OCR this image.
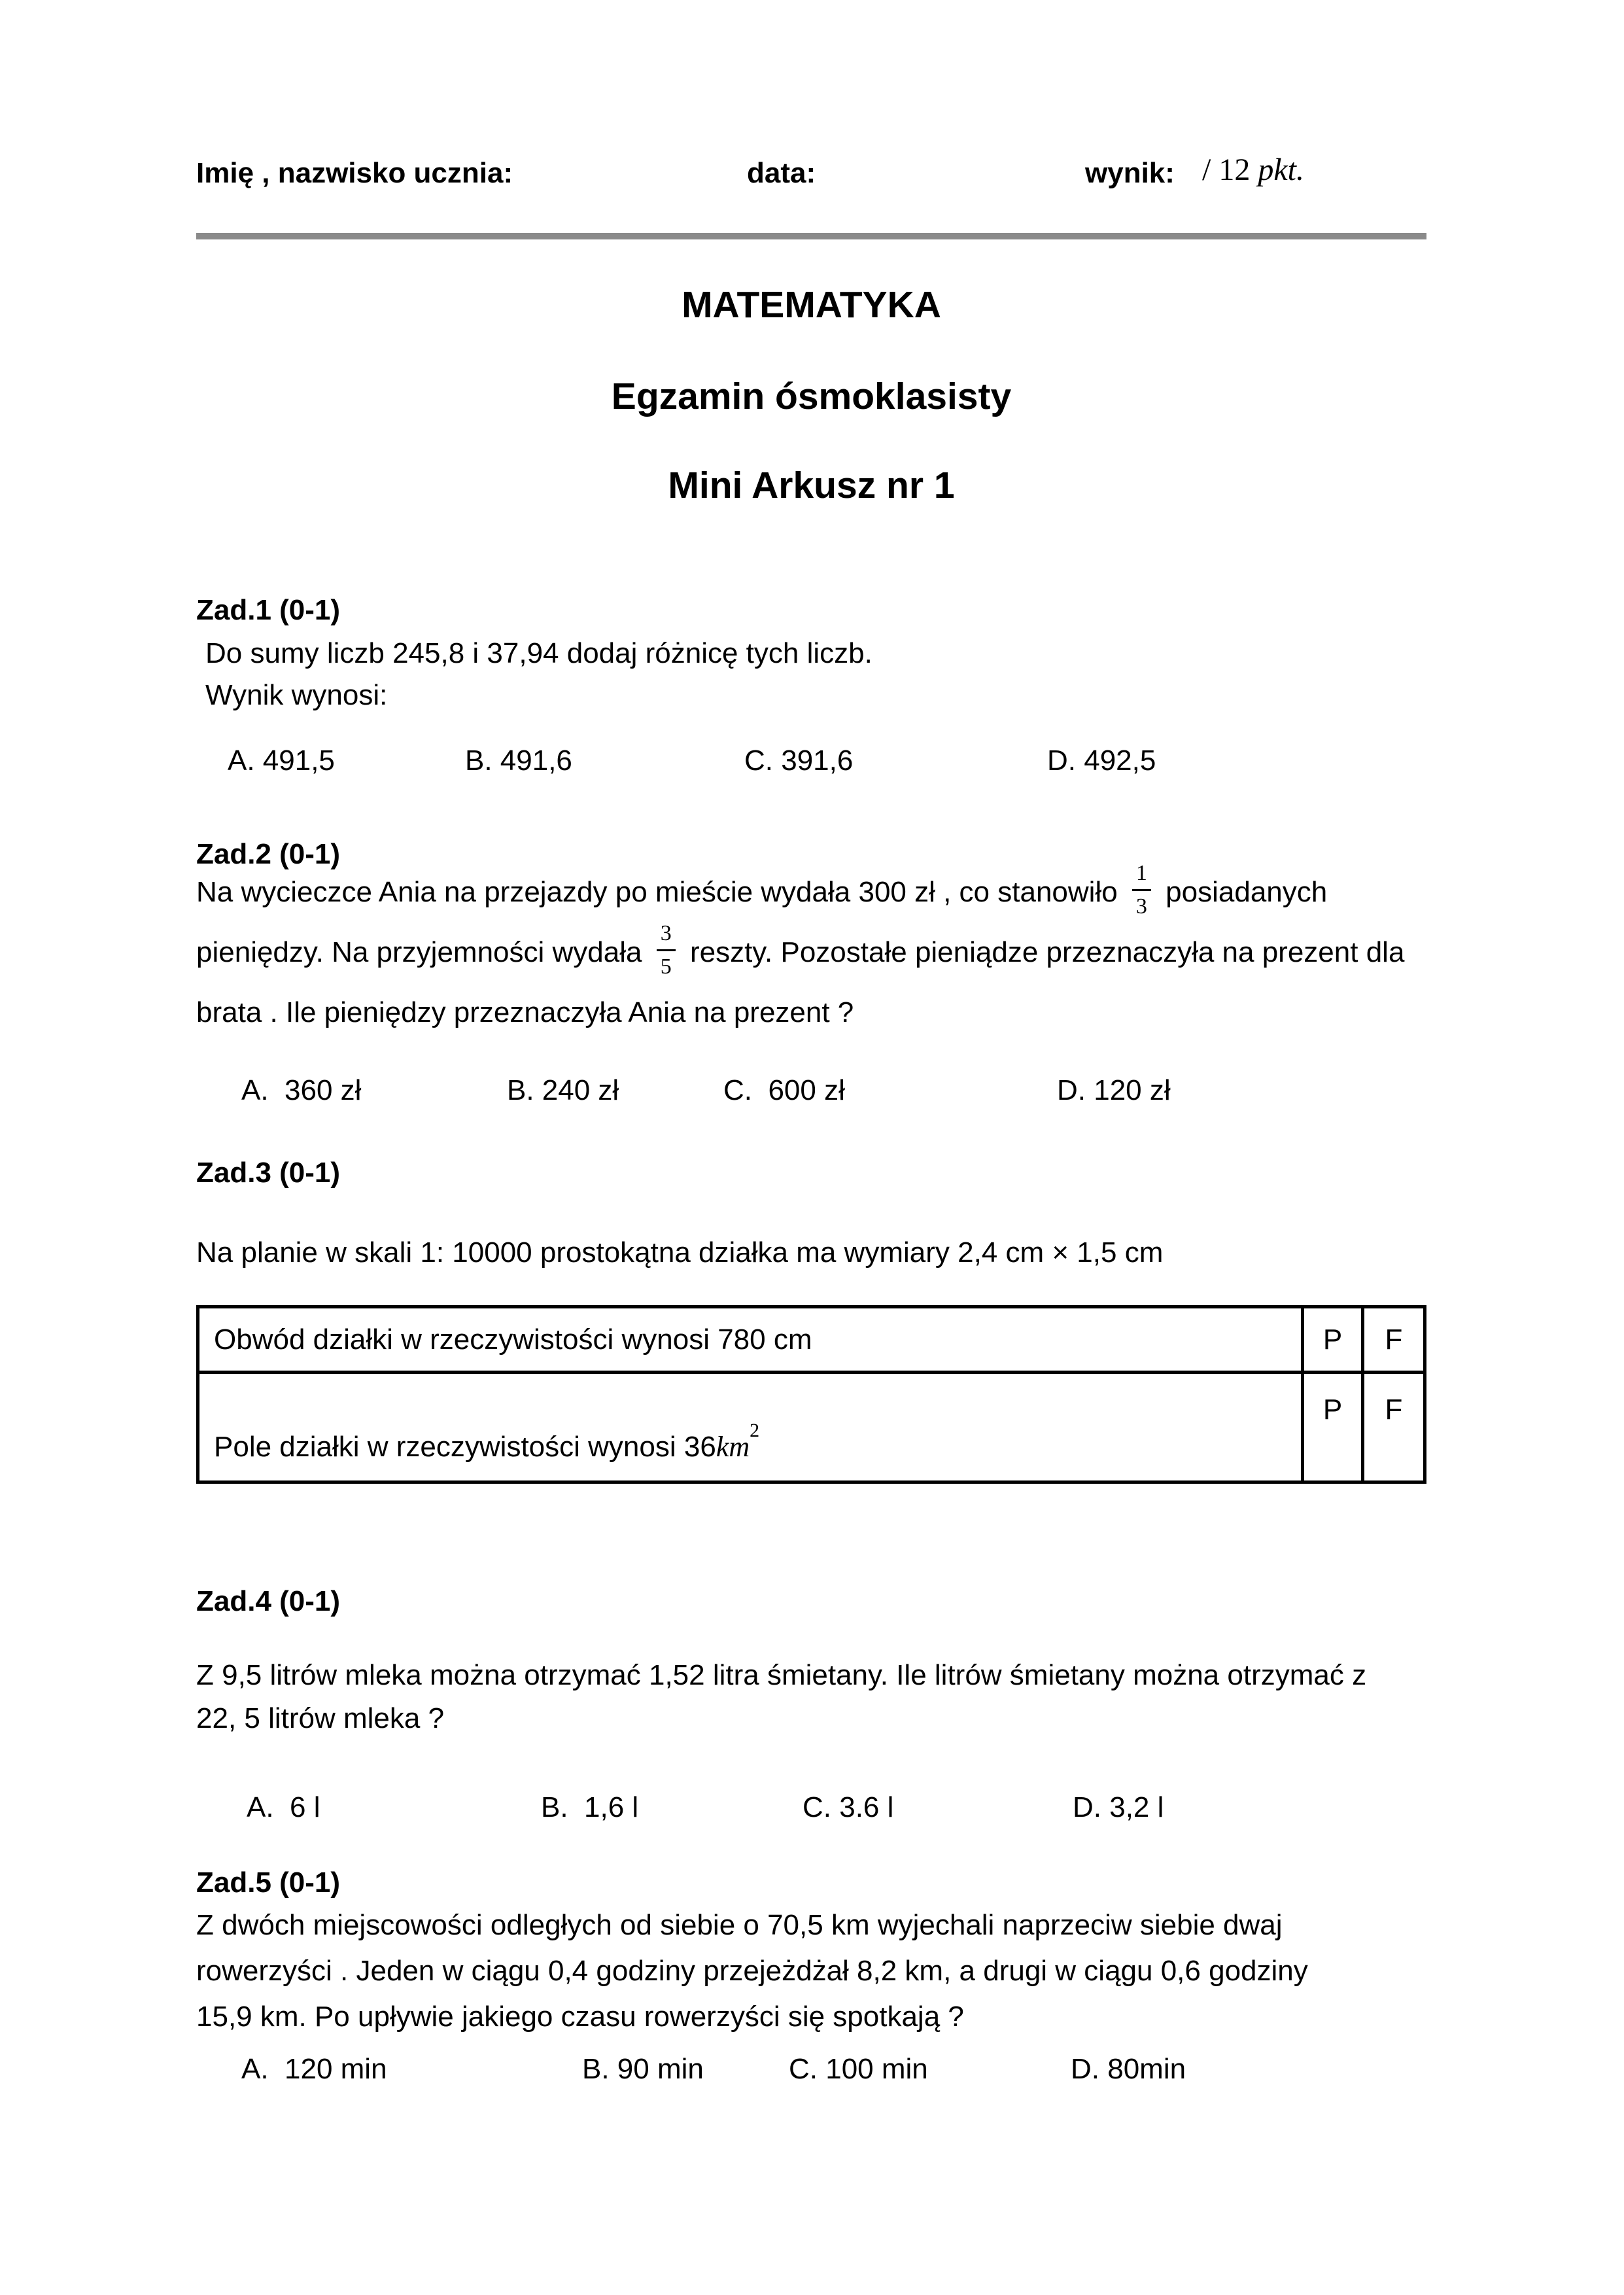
Imię , nazwisko ucznia:	data:	wynik: / 12 pkt.
MATEMATYKA
Egzamin ósmoklasisty
Mini Arkusz nr 1
Zad.1 (0-1)
Do sumy liczb 245,8 i 37,94 dodaj różnicę tych liczb.
Wynik wynosi:
A. 491,5	B. 491,6	C. 391,6	D. 492,5
Zad.2 (0-1)
Na wycieczce Ania na przejazdy po mieście wydała 300 zł , co stanowiło $\frac{1}{3}$ posiadanych pieniędzy. Na przyjemności wydała $\frac{3}{5}$ reszty. Pozostałe pieniądze przeznaczyła na prezent dla brata . Ile pieniędzy przeznaczyła Ania na prezent ?
A.  360 zł	B. 240 zł	C.  600 zł	D. 120 zł
Zad.3 (0-1)
Na planie w skali 1: 10000 prostokątna działka ma wymiary 2,4 cm × 1,5 cm
Obwód działki w rzeczywistości wynosi 780 cm	P	F
Pole działki w rzeczywistości wynosi $36km^2$	P	F
Zad.4 (0-1)
Z 9,5 litrów mleka można otrzymać 1,52 litra śmietany. Ile litrów śmietany można otrzymać z
22, 5 litrów mleka ?
A.  6 l	B.  1,6 l	C. 3.6 l	D. 3,2 l
Zad.5 (0-1)
Z dwóch miejscowości odległych od siebie o 70,5 km wyjechali naprzeciw siebie dwaj
rowerzyści . Jeden w ciągu 0,4 godziny przejeżdżał 8,2 km, a drugi w ciągu 0,6 godziny
15,9 km. Po upływie jakiego czasu rowerzyści się spotkają ?
A.  120 min	B. 90 min	C. 100 min	D. 80min
